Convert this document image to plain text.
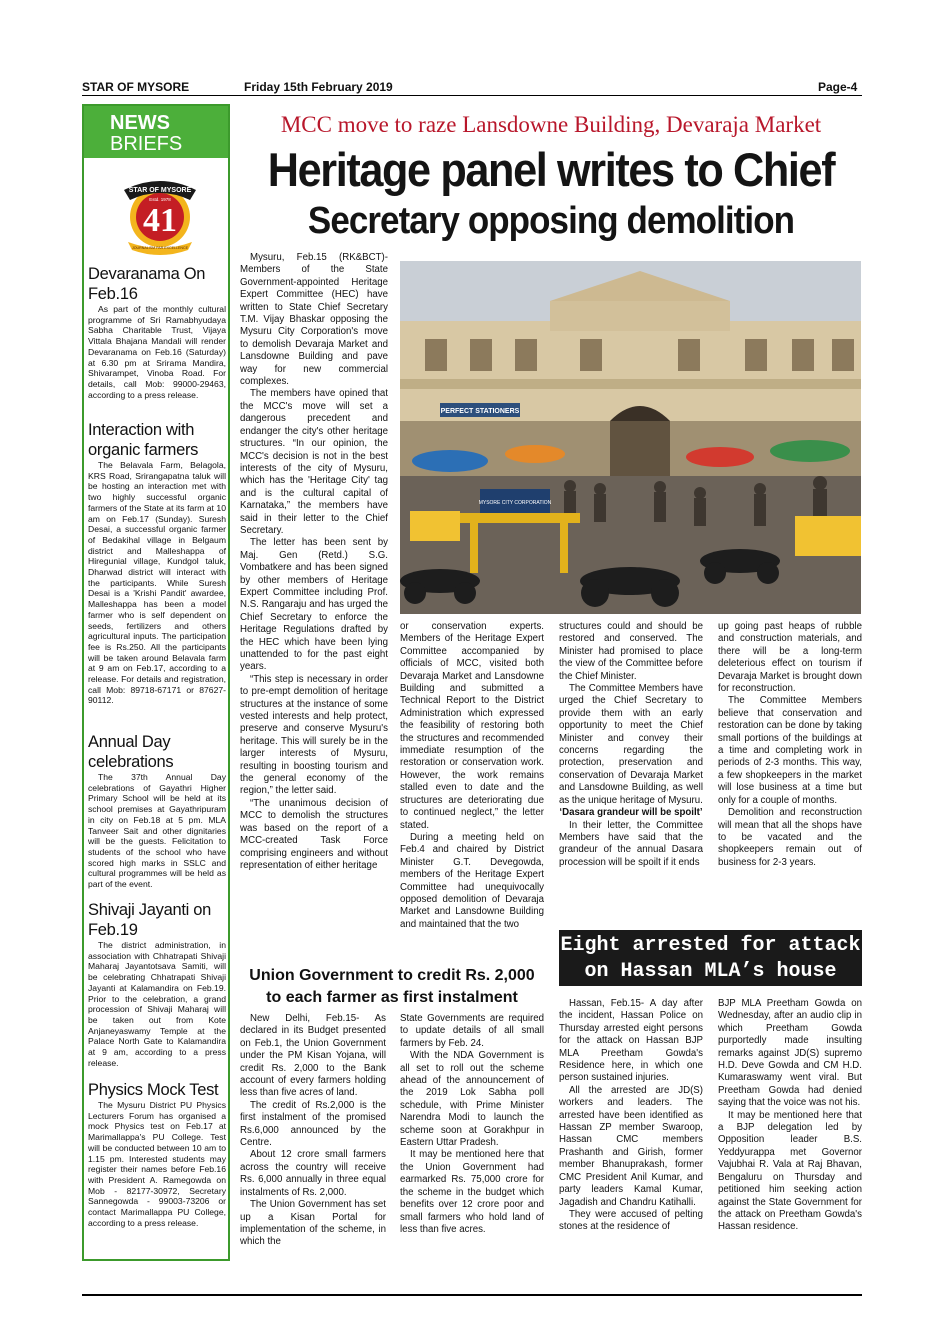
STAR OF MYSORE	Friday 15th February 2019	Page-4
NEWS
BRIEFS
STAR OF MYSORE
Estd. 1978
41
JOURNALISM PAR EXCELLENCE
Devaranama On Feb.16

As part of the monthly cultural programme of Sri Ramabhyudaya Sabha Charitable Trust, Vijaya Vittala Bhajana Mandali will render Devaranama on Feb.16 (Saturday) at 6.30 pm at Srirama Mandira, Shivarampet, Vinoba Road. For details, call Mob: 99000-29463, according to a press release.

Interaction with organic farmers

The Belavala Farm, Belagola, KRS Road, Srirangapatna taluk will be hosting an interaction met with two highly successful organic farmers of the State at its farm at 10 am on Feb.17 (Sunday). Suresh Desai, a successful organic farmer of Bedakihal village in Belgaum district and Malleshappa of Hiregunial village, Kundgol taluk, Dharwad district will interact with the participants. While Suresh Desai is a 'Krishi Pandit' awardee, Malleshappa has been a model farmer who is self dependent on seeds, fertilizers and others agricultural inputs. The participation fee is Rs.250. All the participants will be taken around Belavala farm at 9 am on Feb.17, according to a release. For details and registration, call Mob: 89718-67171 or 87627-90112.

Annual Day celebrations

The 37th Annual Day celebrations of Gayathri Higher Primary School will be held at its school premises at Gayathripuram in city on Feb.18 at 5 pm. MLA Tanveer Sait and other dignitaries will be the guests. Felicitation to students of the school who have scored high marks in SSLC and cultural programmes will be held as part of the event.

Shivaji Jayanti on Feb.19

The district administration, in association with Chhatrapati Shivaji Maharaj Jayantotsava Samiti, will be celebrating Chhatrapati Shivaji Jayanti at Kalamandira on Feb.19. Prior to the celebration, a grand procession of Shivaji Maharaj will be taken out from Kote Anjaneyaswamy Temple at the Palace North Gate to Kalamandira at 9 am, according to a press release.

Physics Mock Test

The Mysuru District PU Physics Lecturers Forum has organised a mock Physics test on Feb.17 at Marimallappa's PU College. Test will be conducted between 10 am to 1.15 pm. Interested students may register their names before Feb.16 with President A. Ramegowda on Mob - 82177-30972, Secretary Sannegowda - 99003-73206 or contact Marimallappa PU College, according to a press release.

MCC move to raze Lansdowne Building, Devaraja Market
Heritage panel writes to Chief
Secretary opposing demolition

Mysuru, Feb.15 (RK&BCT)- Members of the State Government-appointed Heritage Expert Committee (HEC) have written to State Chief Secretary T.M. Vijay Bhaskar opposing the Mysuru City Corporation's move to demolish Devaraja Market and Lansdowne Building and pave way for new commercial complexes.

The members have opined that the MCC's move will set a dangerous precedent and endanger the city's other heritage structures. “In our opinion, the MCC's decision is not in the best interests of the city of Mysuru, which has the 'Heritage City' tag and is the cultural capital of Karnataka,” the members have said in their letter to the Chief Secretary.

The letter has been sent by Maj. Gen (Retd.) S.G. Vombatkere and has been signed by other members of Heritage Expert Committee including Prof. N.S. Rangaraju and has urged the Chief Secretary to enforce the Heritage Regulations drafted by the HEC which have been lying unattended to for the past eight years.

“This step is necessary in order to pre-empt demolition of heritage structures at the instance of some vested interests and help protect, preserve and conserve Mysuru's heritage. This will surely be in the larger interests of Mysuru, resulting in boosting tourism and the general economy of the region,” the letter said.

“The unanimous decision of MCC to demolish the structures was based on the report of a MCC-created Task Force comprising engineers and without representation of either heritage

PERFECT STATIONERS
MYSORE CITY CORPORATION

or conservation experts. Members of the Heritage Expert Committee accompanied by officials of MCC, visited both Devaraja Market and Lansdowne Building and submitted a Technical Report to the District Administration which expressed the feasibility of restoring both the structures and recommended immediate resumption of the restoration or conservation work. However, the work remains stalled even to date and the structures are deteriorating due to continued neglect,” the letter stated.

During a meeting held on Feb.4 and chaired by District Minister G.T. Devegowda, members of the Heritage Expert Committee had unequivocally opposed demolition of Devaraja Market and Lansdowne Building and maintained that the two

structures could and should be restored and conserved. The Minister had promised to place the view of the Committee before the Chief Minister.

The Committee Members have urged the Chief Secretary to provide them with an early opportunity to meet the Chief Minister and convey their concerns regarding the protection, preservation and conservation of Devaraja Market and Lansdowne Building, as well as the unique heritage of Mysuru.

‘Dasara grandeur will be spoilt’

In their letter, the Committee Members have said that the grandeur of the annual Dasara procession will be spoilt if it ends

up going past heaps of rubble and construction materials, and there will be a long-term deleterious effect on tourism if Devaraja Market is brought down for reconstruction.

The Committee Members believe that conservation and restoration can be done by taking small portions of the buildings at a time and completing work in periods of 2-3 months. This way, a few shopkeepers in the market will lose business at a time but only for a couple of months.

Demolition and reconstruction will mean that all the shops have to be vacated and the shopkeepers remain out of business for 2-3 years.

Union Government to credit Rs. 2,000
to each farmer as first instalment

New Delhi, Feb.15- As declared in its Budget presented on Feb.1, the Union Government under the PM Kisan Yojana, will credit Rs. 2,000 to the Bank account of every farmers holding less than five acres of land.

The credit of Rs.2,000 is the first instalment of the promised Rs.6,000 announced by the Centre.

About 12 crore small farmers across the country will receive Rs. 6,000 annually in three equal instalments of Rs. 2,000.

The Union Government has set up a Kisan Portal for implementation of the scheme, in which the

State Governments are required to update details of all small farmers by Feb. 24.

With the NDA Government is all set to roll out the scheme ahead of the announcement of the 2019 Lok Sabha poll schedule, with Prime Minister Narendra Modi to launch the scheme soon at Gorakhpur in Eastern Uttar Pradesh.

It may be mentioned here that the Union Government had earmarked Rs. 75,000 crore for the scheme in the budget which benefits over 12 crore poor and small farmers who hold land of less than five acres.

Eight arrested for attack
on Hassan MLA’s house

Hassan, Feb.15- A day after the incident, Hassan Police on Thursday arrested eight persons for the attack on Hassan BJP MLA Preetham Gowda's Residence here, in which one person sustained injuries.

All the arrested are JD(S) workers and leaders. The arrested have been identified as Hassan ZP member Swaroop, Hassan CMC members Prashanth and Girish, former member Bhanuprakash, former CMC President Anil Kumar, and party leaders Kamal Kumar, Jagadish and Chandru Katihalli.

They were accused of pelting stones at the residence of

BJP MLA Preetham Gowda on Wednesday, after an audio clip in which Preetham Gowda purportedly made insulting remarks against JD(S) supremo H.D. Deve Gowda and CM H.D. Kumaraswamy went viral. But Preetham Gowda had denied saying that the voice was not his.

It may be mentioned here that a BJP delegation led by Opposition leader B.S. Yeddyurappa met Governor Vajubhai R. Vala at Raj Bhavan, Bengaluru on Thursday and petitioned him seeking action against the State Government for the attack on Preetham Gowda's Hassan residence.
